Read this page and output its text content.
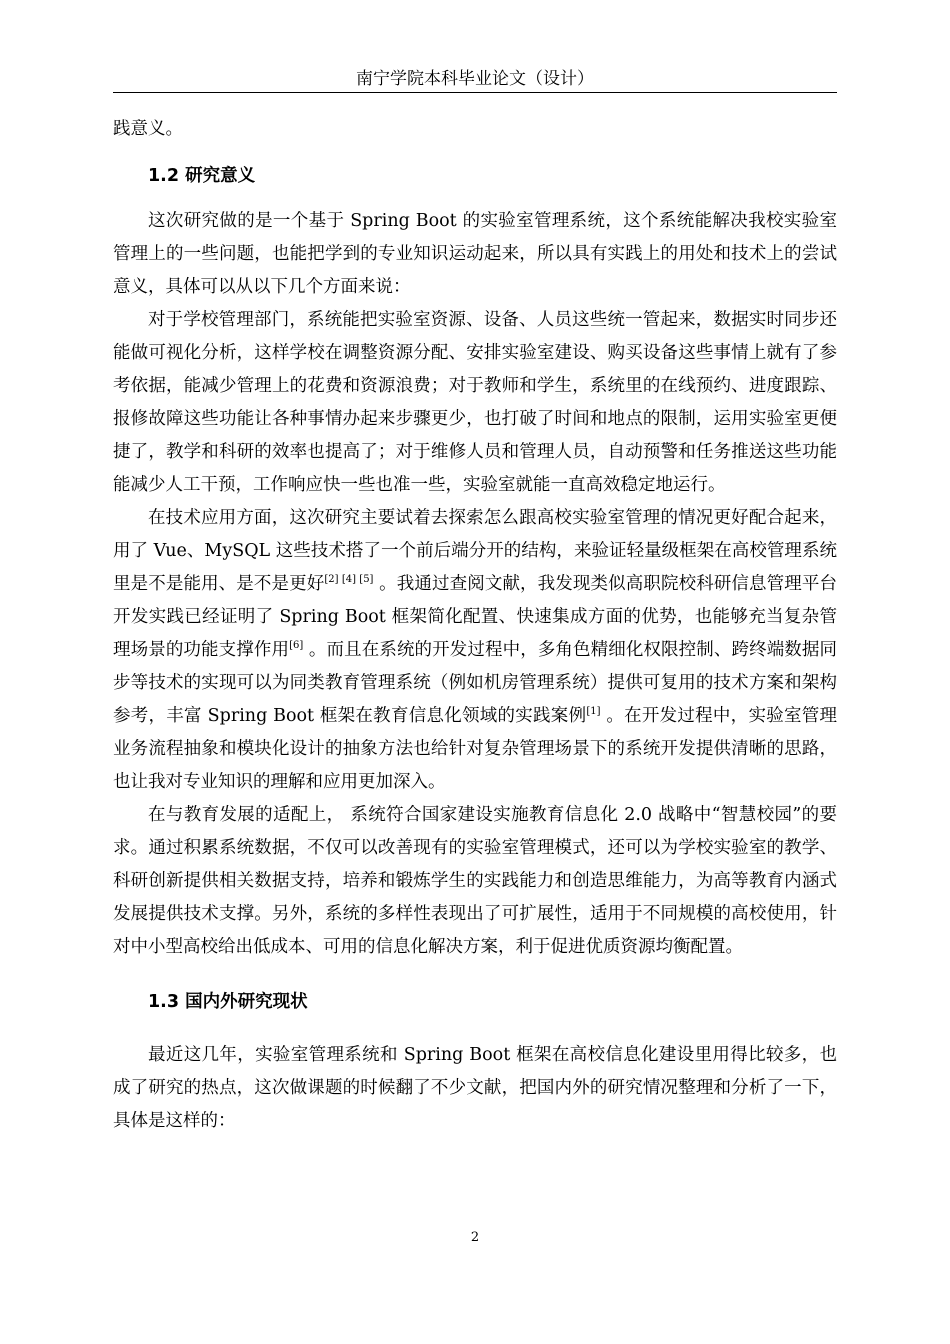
南宁学院本科毕业论文（设计）

践意义。

1.2 研究意义

这次研究做的是一个基于 Spring Boot 的实验室管理系统，这个系统能解决我校实验室管理上的一些问题，也能把学到的专业知识运动起来，所以具有实践上的用处和技术上的尝试意义，具体可以从以下几个方面来说：

对于学校管理部门，系统能把实验室资源、设备、人员这些统一管起来，数据实时同步还能做可视化分析，这样学校在调整资源分配、安排实验室建设、购买设备这些事情上就有了参考依据，能减少管理上的花费和资源浪费；对于教师和学生，系统里的在线预约、进度跟踪、报修故障这些功能让各种事情办起来步骤更少，也打破了时间和地点的限制，运用实验室更便捷了，教学和科研的效率也提高了；对于维修人员和管理人员，自动预警和任务推送这些功能能减少人工干预，工作响应快一些也准一些，实验室就能一直高效稳定地运行。

在技术应用方面，这次研究主要试着去探索怎么跟高校实验室管理的情况更好配合起来，用了 Vue、MySQL 这些技术搭了一个前后端分开的结构，来验证轻量级框架在高校管理系统里是不是能用、是不是更好[2] [4] [5] 。我通过查阅文献，我发现类似高职院校科研信息管理平台开发实践已经证明了 Spring Boot 框架简化配置、快速集成方面的优势，也能够充当复杂管理场景的功能支撑作用[6] 。而且在系统的开发过程中，多角色精细化权限控制、跨终端数据同步等技术的实现可以为同类教育管理系统（例如机房管理系统）提供可复用的技术方案和架构参考，丰富 Spring Boot 框架在教育信息化领域的实践案例[1] 。在开发过程中，实验室管理业务流程抽象和模块化设计的抽象方法也给针对复杂管理场景下的系统开发提供清晰的思路，也让我对专业知识的理解和应用更加深入。

在与教育发展的适配上， 系统符合国家建设实施教育信息化 2.0 战略中“智慧校园”的要求。通过积累系统数据，不仅可以改善现有的实验室管理模式，还可以为学校实验室的教学、科研创新提供相关数据支持，培养和锻炼学生的实践能力和创造思维能力，为高等教育内涵式发展提供技术支撑。另外，系统的多样性表现出了可扩展性，适用于不同规模的高校使用，针对中小型高校给出低成本、可用的信息化解决方案，利于促进优质资源均衡配置。

1.3 国内外研究现状

最近这几年，实验室管理系统和 Spring Boot 框架在高校信息化建设里用得比较多，也成了研究的热点，这次做课题的时候翻了不少文献，把国内外的研究情况整理和分析了一下，具体是这样的：

2
